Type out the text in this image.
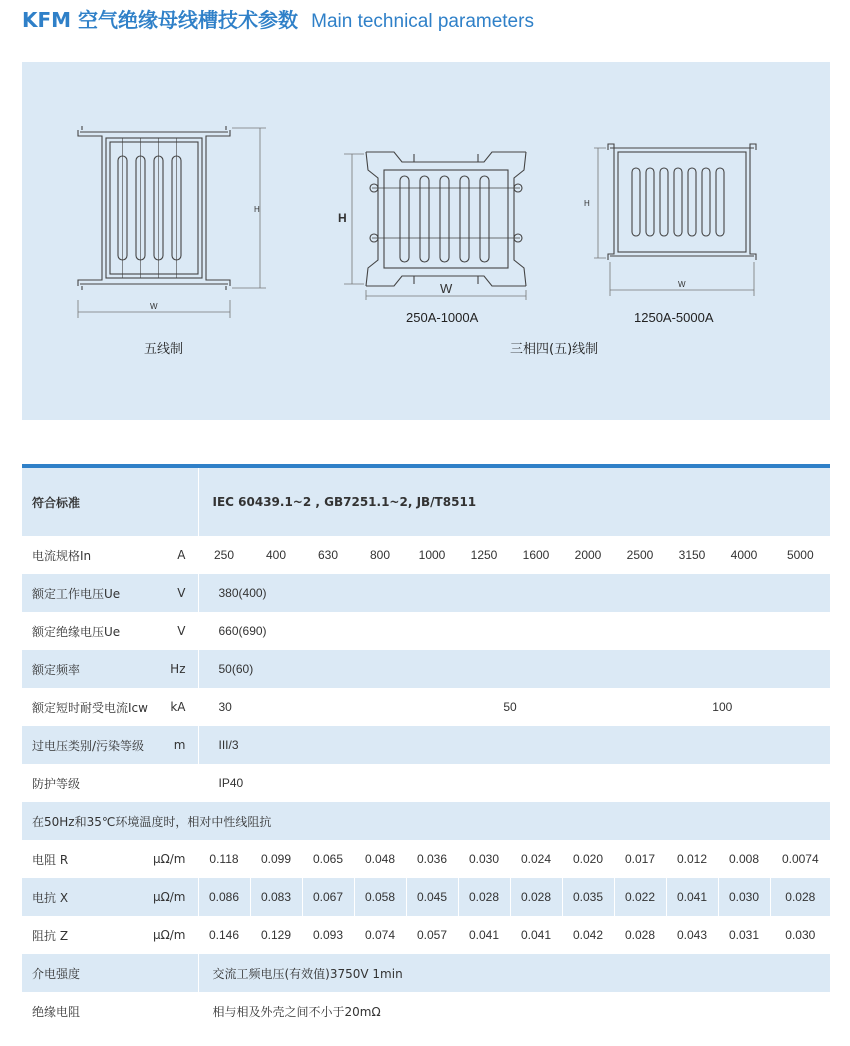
KFM 空气绝缘母线槽技术参数 Main technical parameters
H
W
H
W
H
W
五线制
250A-1000A	1250A-5000A
三相四(五)线制
符合标准	IEC 60439.1~2 , GB7251.1~2, JB/T8511											
电流规格In A	250	400	630	800	1000	1250	1600	2000	2500	3150	4000	5000
额定工作电压Ue V	380(400)											
额定绝缘电压Ue V	660(690)											
额定频率 Hz	50(60)											
额定短时耐受电流Icw kA	30				50				100			
过电压类别/污染等级 m	III/3											
防护等级	IP40											
在50Hz和35℃环境温度时，相对中性线阻抗												
电阻 R μΩ/m	0.118	0.099	0.065	0.048	0.036	0.030	0.024	0.020	0.017	0.012	0.008	0.0074
电抗 X μΩ/m	0.086	0.083	0.067	0.058	0.045	0.028	0.028	0.035	0.022	0.041	0.030	0.028
阻抗 Z μΩ/m	0.146	0.129	0.093	0.074	0.057	0.041	0.041	0.042	0.028	0.043	0.031	0.030
介电强度	交流工频电压(有效值)3750V 1min											
绝缘电阻	相与相及外壳之间不小于20mΩ											
